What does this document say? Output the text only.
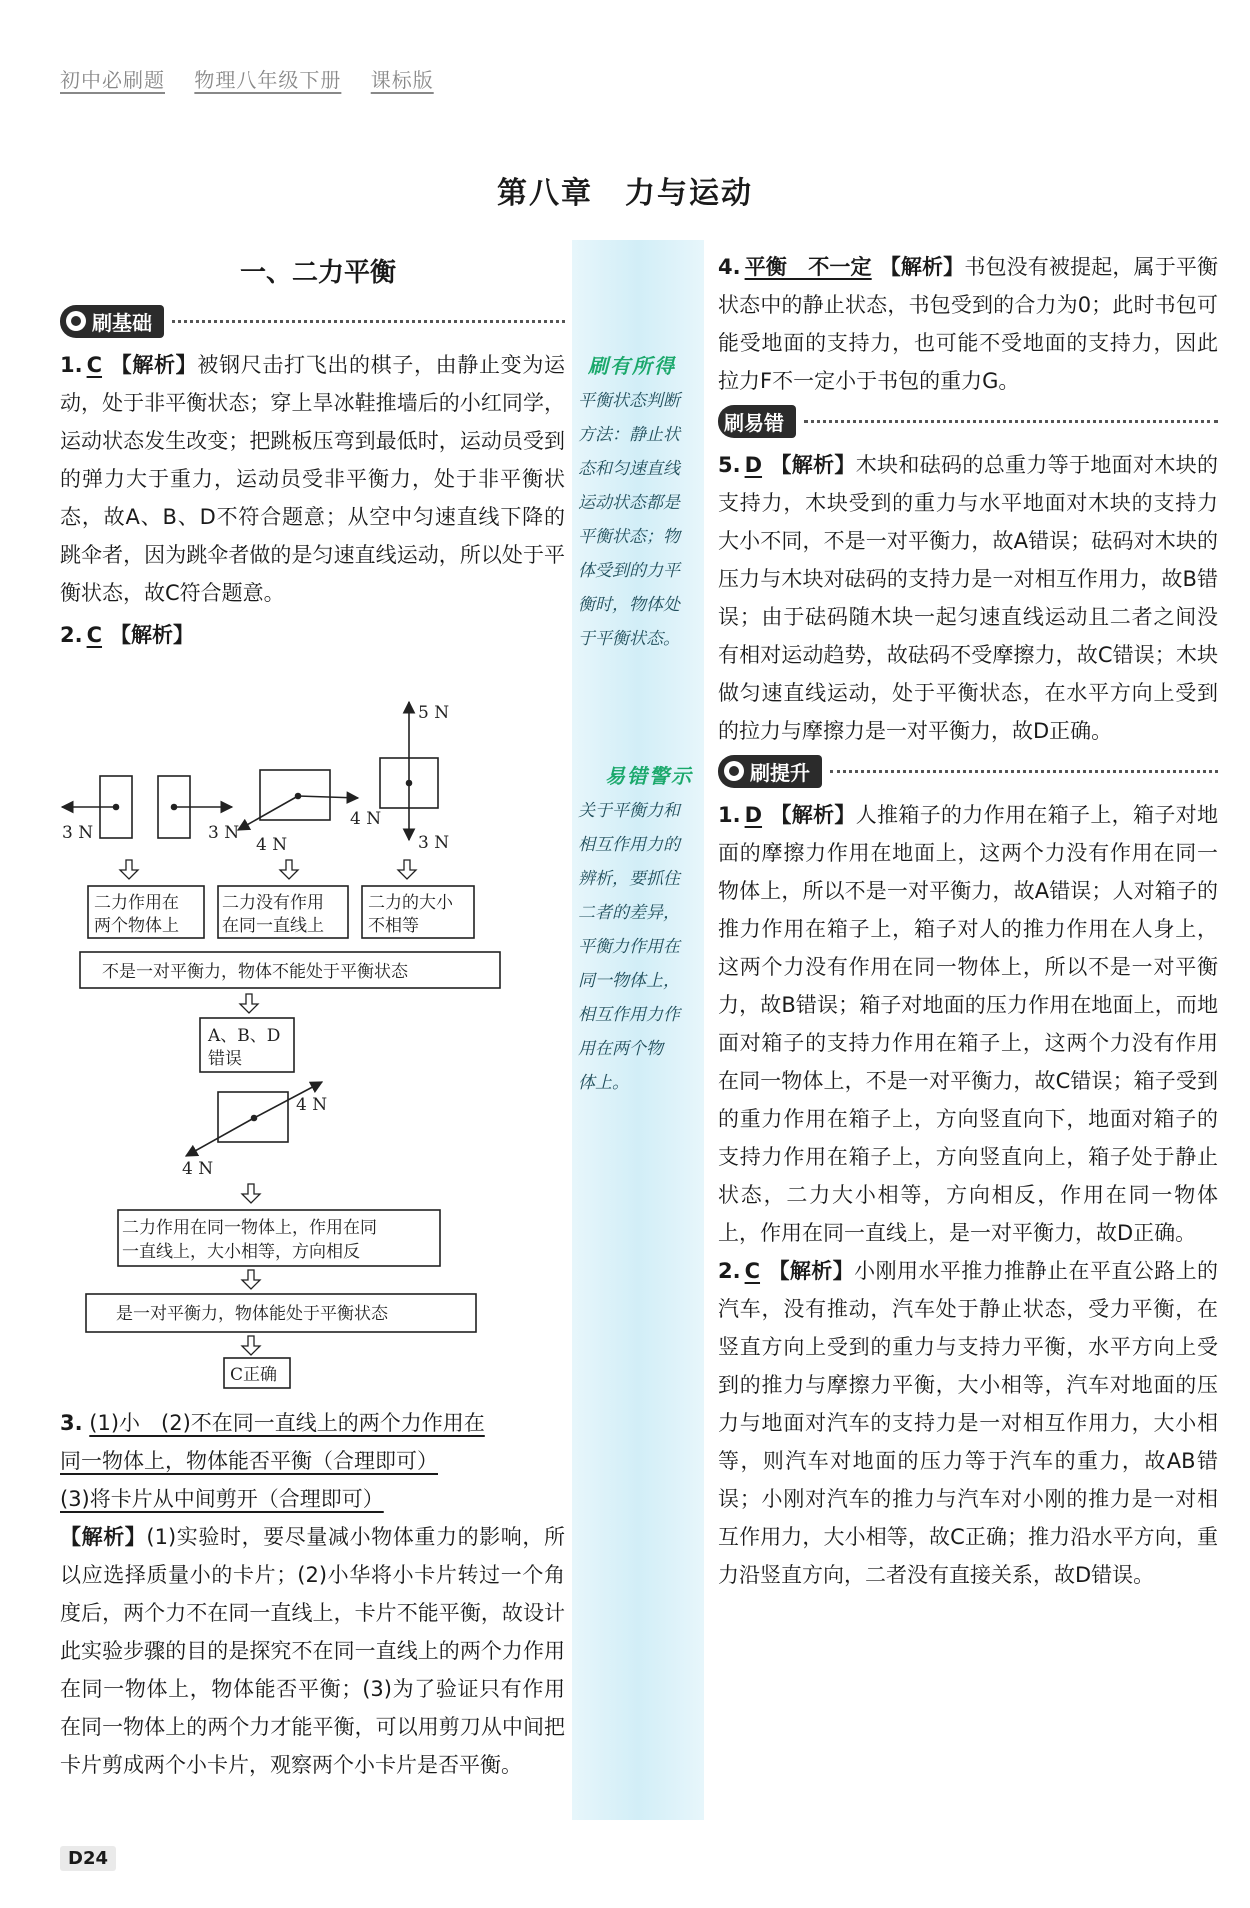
初中必刷题 物理八年级下册 课标版
第八章　力与运动
一、二力平衡
刷有所得
平衡状态判断
方法：静止状
态和匀速直线
运动状态都是
平衡状态；物
体受到的力平
衡时，物体处
于平衡状态。
易错警示
关于平衡力和
相互作用力的
辨析，要抓住
二者的差异，
平衡力作用在
同一物体上，
相互作用力作
用在两个物
体上。
刷基础
1. C 【解析】被钢尺击打飞出的棋子，由静止变为运动，处于非平衡状态；穿上旱冰鞋推墙后的小红同学，运动状态发生改变；把跳板压弯到最低时，运动员受到的弹力大于重力，运动员受非平衡力，处于非平衡状态，故A、B、D不符合题意；从空中匀速直线下降的跳伞者，因为跳伞者做的是匀速直线运动，所以处于平衡状态，故C符合题意。
2. C 【解析】
3 N	3 N
4 N
4 N
5 N
3 N
二力作用在
两个物体上
二力没有作用
在同一直线上
二力的大小
不相等
不是一对平衡力，物体不能处于平衡状态
A、B、D
错误
4 N
4 N
二力作用在同一物体上，作用在同
一直线上，大小相等，方向相反
是一对平衡力，物体能处于平衡状态
C正确
3. (1)小　(2)不在同一直线上的两个力作用在
同一物体上，物体能否平衡（合理即可）
(3)将卡片从中间剪开（合理即可）
【解析】(1)实验时，要尽量减小物体重力的影响，所以应选择质量小的卡片；(2)小华将小卡片转过一个角度后，两个力不在同一直线上，卡片不能平衡，故设计此实验步骤的目的是探究不在同一直线上的两个力作用在同一物体上，物体能否平衡；(3)为了验证只有作用在同一物体上的两个力才能平衡，可以用剪刀从中间把卡片剪成两个小卡片，观察两个小卡片是否平衡。
4. 平衡　不一定 【解析】书包没有被提起，属于平衡状态中的静止状态，书包受到的合力为0；此时书包可能受地面的支持力，也可能不受地面的支持力，因此拉力F不一定小于书包的重力G。
刷易错
5. D 【解析】木块和砝码的总重力等于地面对木块的支持力，木块受到的重力与水平地面对木块的支持力大小不同，不是一对平衡力，故A错误；砝码对木块的压力与木块对砝码的支持力是一对相互作用力，故B错误；由于砝码随木块一起匀速直线运动且二者之间没有相对运动趋势，故砝码不受摩擦力，故C错误；木块做匀速直线运动，处于平衡状态，在水平方向上受到的拉力与摩擦力是一对平衡力，故D正确。
刷提升
1. D 【解析】人推箱子的力作用在箱子上，箱子对地面的摩擦力作用在地面上，这两个力没有作用在同一物体上，所以不是一对平衡力，故A错误；人对箱子的推力作用在箱子上，箱子对人的推力作用在人身上，这两个力没有作用在同一物体上，所以不是一对平衡力，故B错误；箱子对地面的压力作用在地面上，而地面对箱子的支持力作用在箱子上，这两个力没有作用在同一物体上，不是一对平衡力，故C错误；箱子受到的重力作用在箱子上，方向竖直向下，地面对箱子的支持力作用在箱子上，方向竖直向上，箱子处于静止状态，二力大小相等，方向相反，作用在同一物体上，作用在同一直线上，是一对平衡力，故D正确。
2. C 【解析】小刚用水平推力推静止在平直公路上的汽车，没有推动，汽车处于静止状态，受力平衡，在竖直方向上受到的重力与支持力平衡，水平方向上受到的推力与摩擦力平衡，大小相等，汽车对地面的压力与地面对汽车的支持力是一对相互作用力，大小相等，则汽车对地面的压力等于汽车的重力，故AB错误；小刚对汽车的推力与汽车对小刚的推力是一对相互作用力，大小相等，故C正确；推力沿水平方向，重力沿竖直方向，二者没有直接关系，故D错误。
D24
